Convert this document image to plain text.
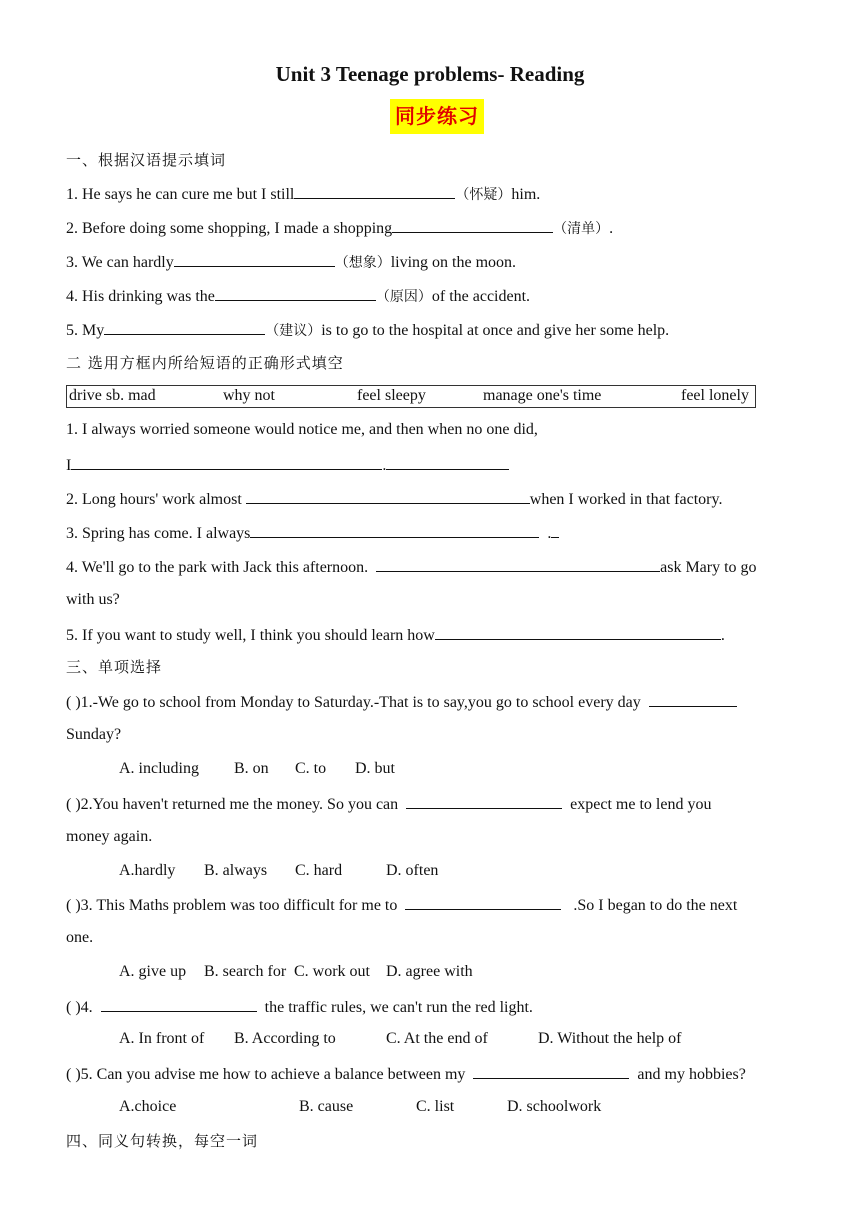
Unit 3 Teenage problems- Reading
同步练习
一、根据汉语提示填词
1. He says he can cure me but I still	（怀疑）him.
2. Before doing some shopping, I made a shopping	（清单）.
3. We can hardly	（想象）living on the moon.
4. His drinking was the	（原因）of the accident.
5. My	（建议）is to go to the hospital at once and give her some help.
二 选用方框内所给短语的正确形式填空
drive sb. mad	why not	feel sleepy	manage one's time	feel lonely
1. I always worried someone would notice me, and then when no one did,
I	.
2. Long hours' work almost	when I worked in that factory.
3. Spring has come. I always	.
4. We'll go to the park with Jack this afternoon.	ask Mary to go
with us?
5. If you want to study well, I think you should learn how	.
三、单项选择
( )1.-We go to school from Monday to Saturday.-That is to say,you go to school every day
Sunday?
A. including B. on C. to D. but
( )2.You haven't returned me the money. So you can	expect me to lend you
money again.
A.hardly B. always C. hard	D. often
( )3. This Maths problem was too difficult for me to	.So I began to do the next
one.
A. give up B. search for C. work out D. agree with
( )4.	the traffic rules, we can't run the red light.
A. In front of B. According to	C. At the end of	D. Without the help of
( )5. Can you advise me how to achieve a balance between my	and my hobbies?
A.choice	B. cause	C. list	D. schoolwork
四、同义句转换，每空一词
